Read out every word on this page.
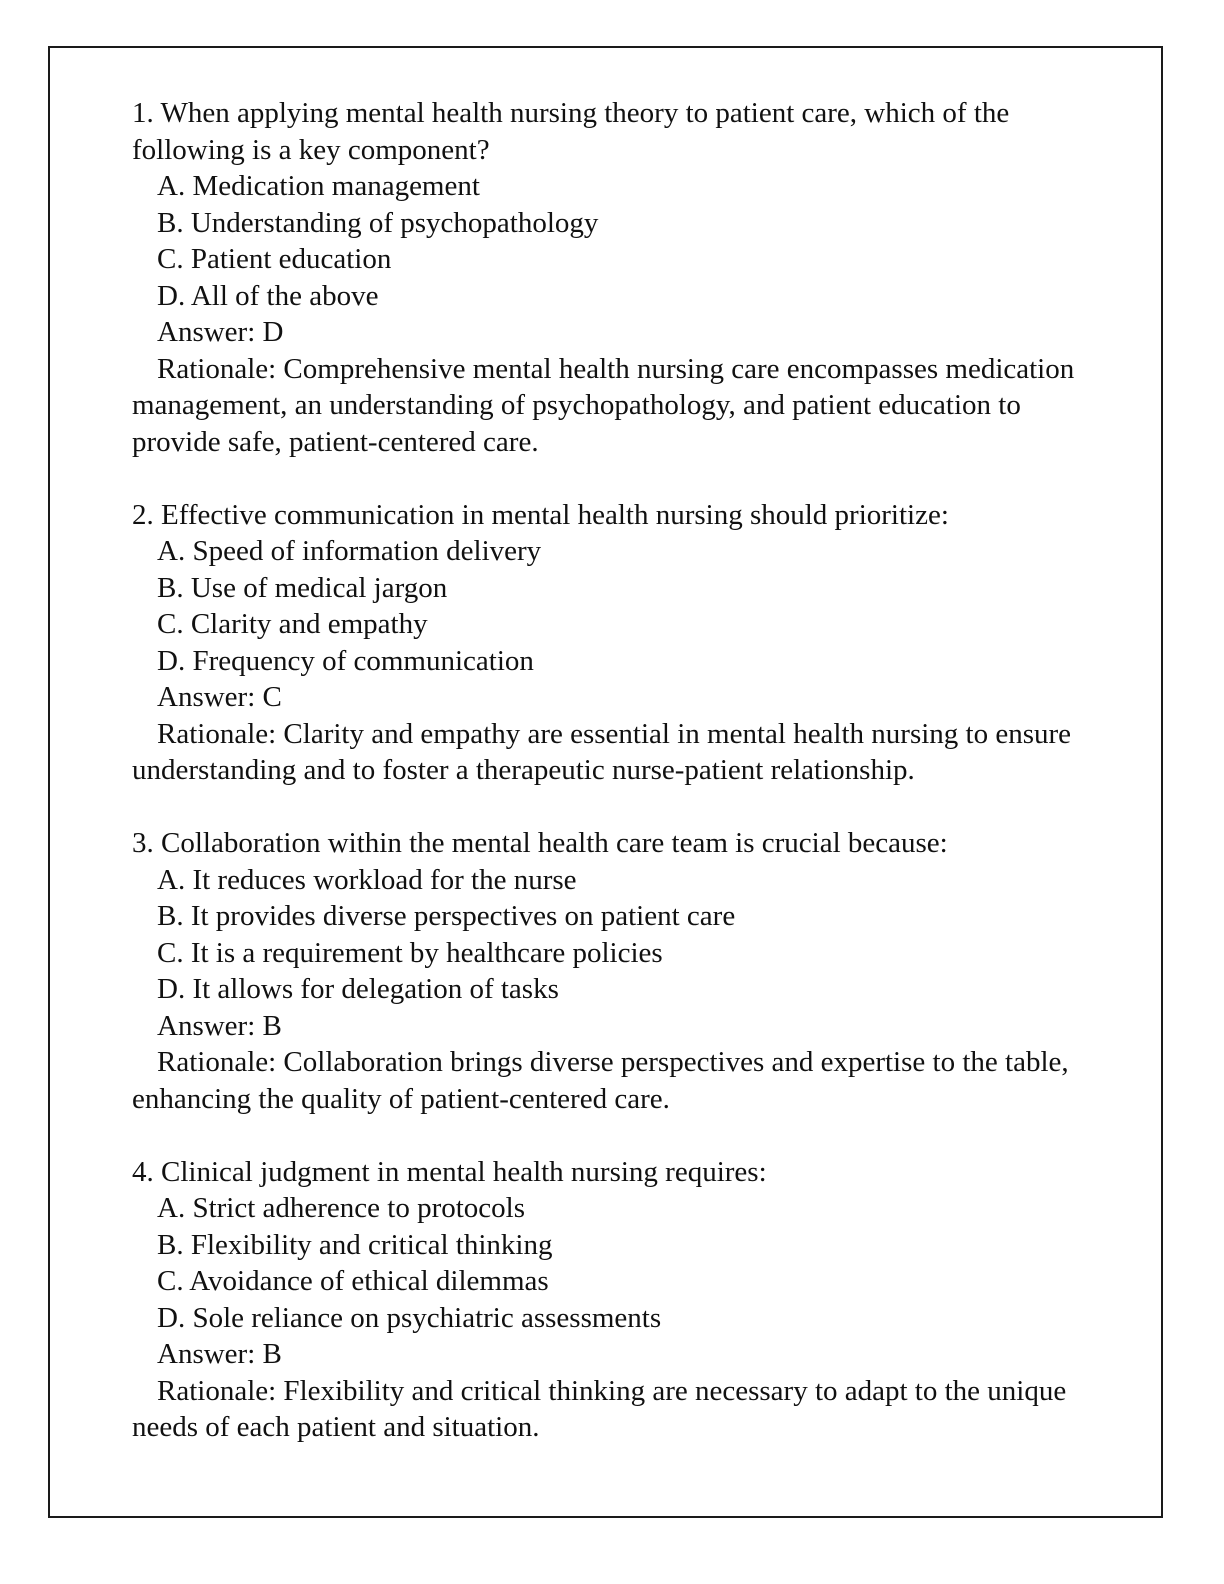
1. When applying mental health nursing theory to patient care, which of the following is a key component?

A. Medication management
B. Understanding of psychopathology
C. Patient education
D. All of the above
Answer: D

Rationale: Comprehensive mental health nursing care encompasses medication management, an understanding of psychopathology, and patient education to provide safe, patient-centered care.

2. Effective communication in mental health nursing should prioritize:

A. Speed of information delivery
B. Use of medical jargon
C. Clarity and empathy
D. Frequency of communication
Answer: C

Rationale: Clarity and empathy are essential in mental health nursing to ensure understanding and to foster a therapeutic nurse-patient relationship.

3. Collaboration within the mental health care team is crucial because:

A. It reduces workload for the nurse
B. It provides diverse perspectives on patient care
C. It is a requirement by healthcare policies
D. It allows for delegation of tasks
Answer: B

Rationale: Collaboration brings diverse perspectives and expertise to the table, enhancing the quality of patient-centered care.

4. Clinical judgment in mental health nursing requires:

A. Strict adherence to protocols
B. Flexibility and critical thinking
C. Avoidance of ethical dilemmas
D. Sole reliance on psychiatric assessments
Answer: B

Rationale: Flexibility and critical thinking are necessary to adapt to the unique needs of each patient and situation.
